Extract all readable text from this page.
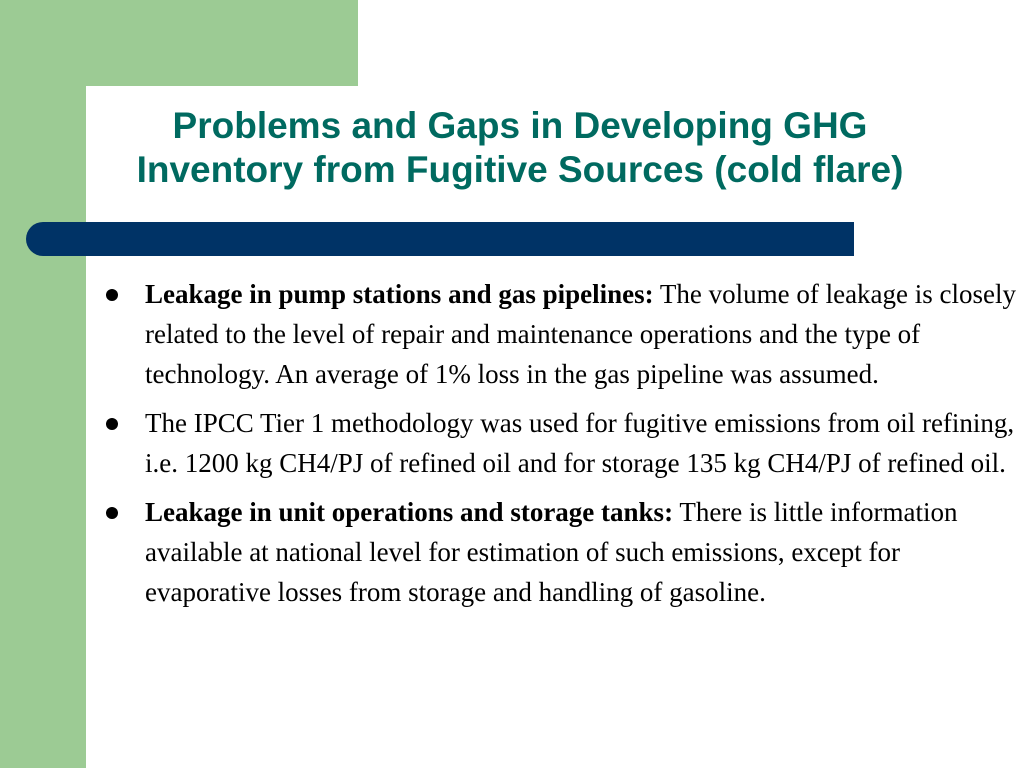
Problems and Gaps in Developing GHG
Inventory from Fugitive Sources (cold flare)
Leakage in pump stations and gas pipelines: The volume of leakage is closely related to the level of repair and maintenance operations and the type of technology. An average of 1% loss in the gas pipeline was assumed.
The IPCC Tier 1 methodology was used for fugitive emissions from oil refining, i.e. 1200 kg CH4/PJ of refined oil and for storage 135 kg CH4/PJ of refined oil.
Leakage in unit operations and storage tanks: There is little information available at national level for estimation of such emissions, except for evaporative losses from storage and handling of gasoline.
